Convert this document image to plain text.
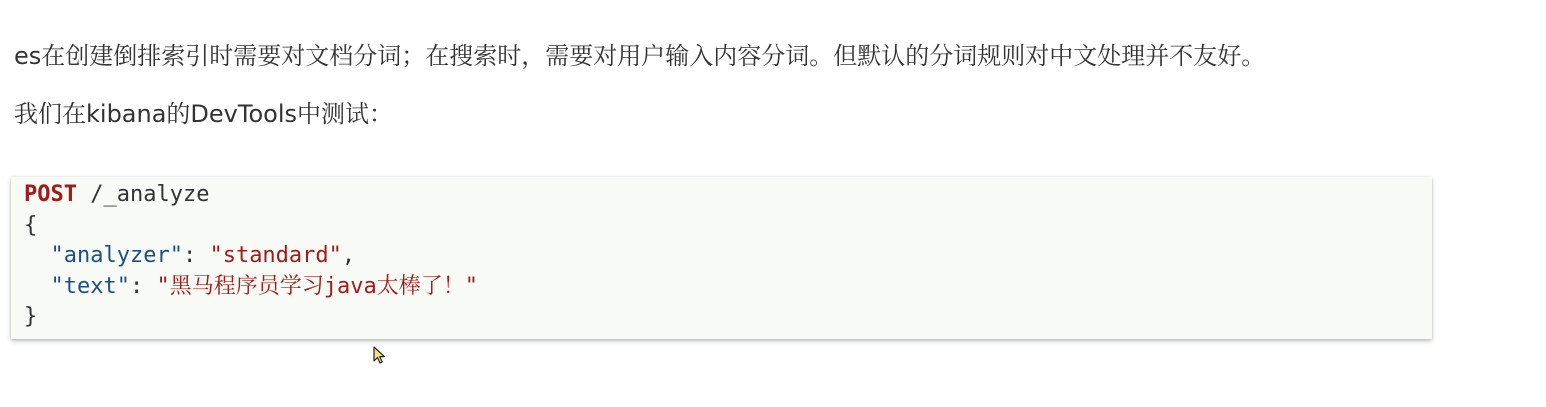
es在创建倒排索引时需要对文档分词；在搜索时，需要对用户输入内容分词。但默认的分词规则对中文处理并不友好。
我们在kibana的DevTools中测试：
POST /_analyze
{
"analyzer": "standard",
"text": "黑马程序员学习java太棒了！"
}
